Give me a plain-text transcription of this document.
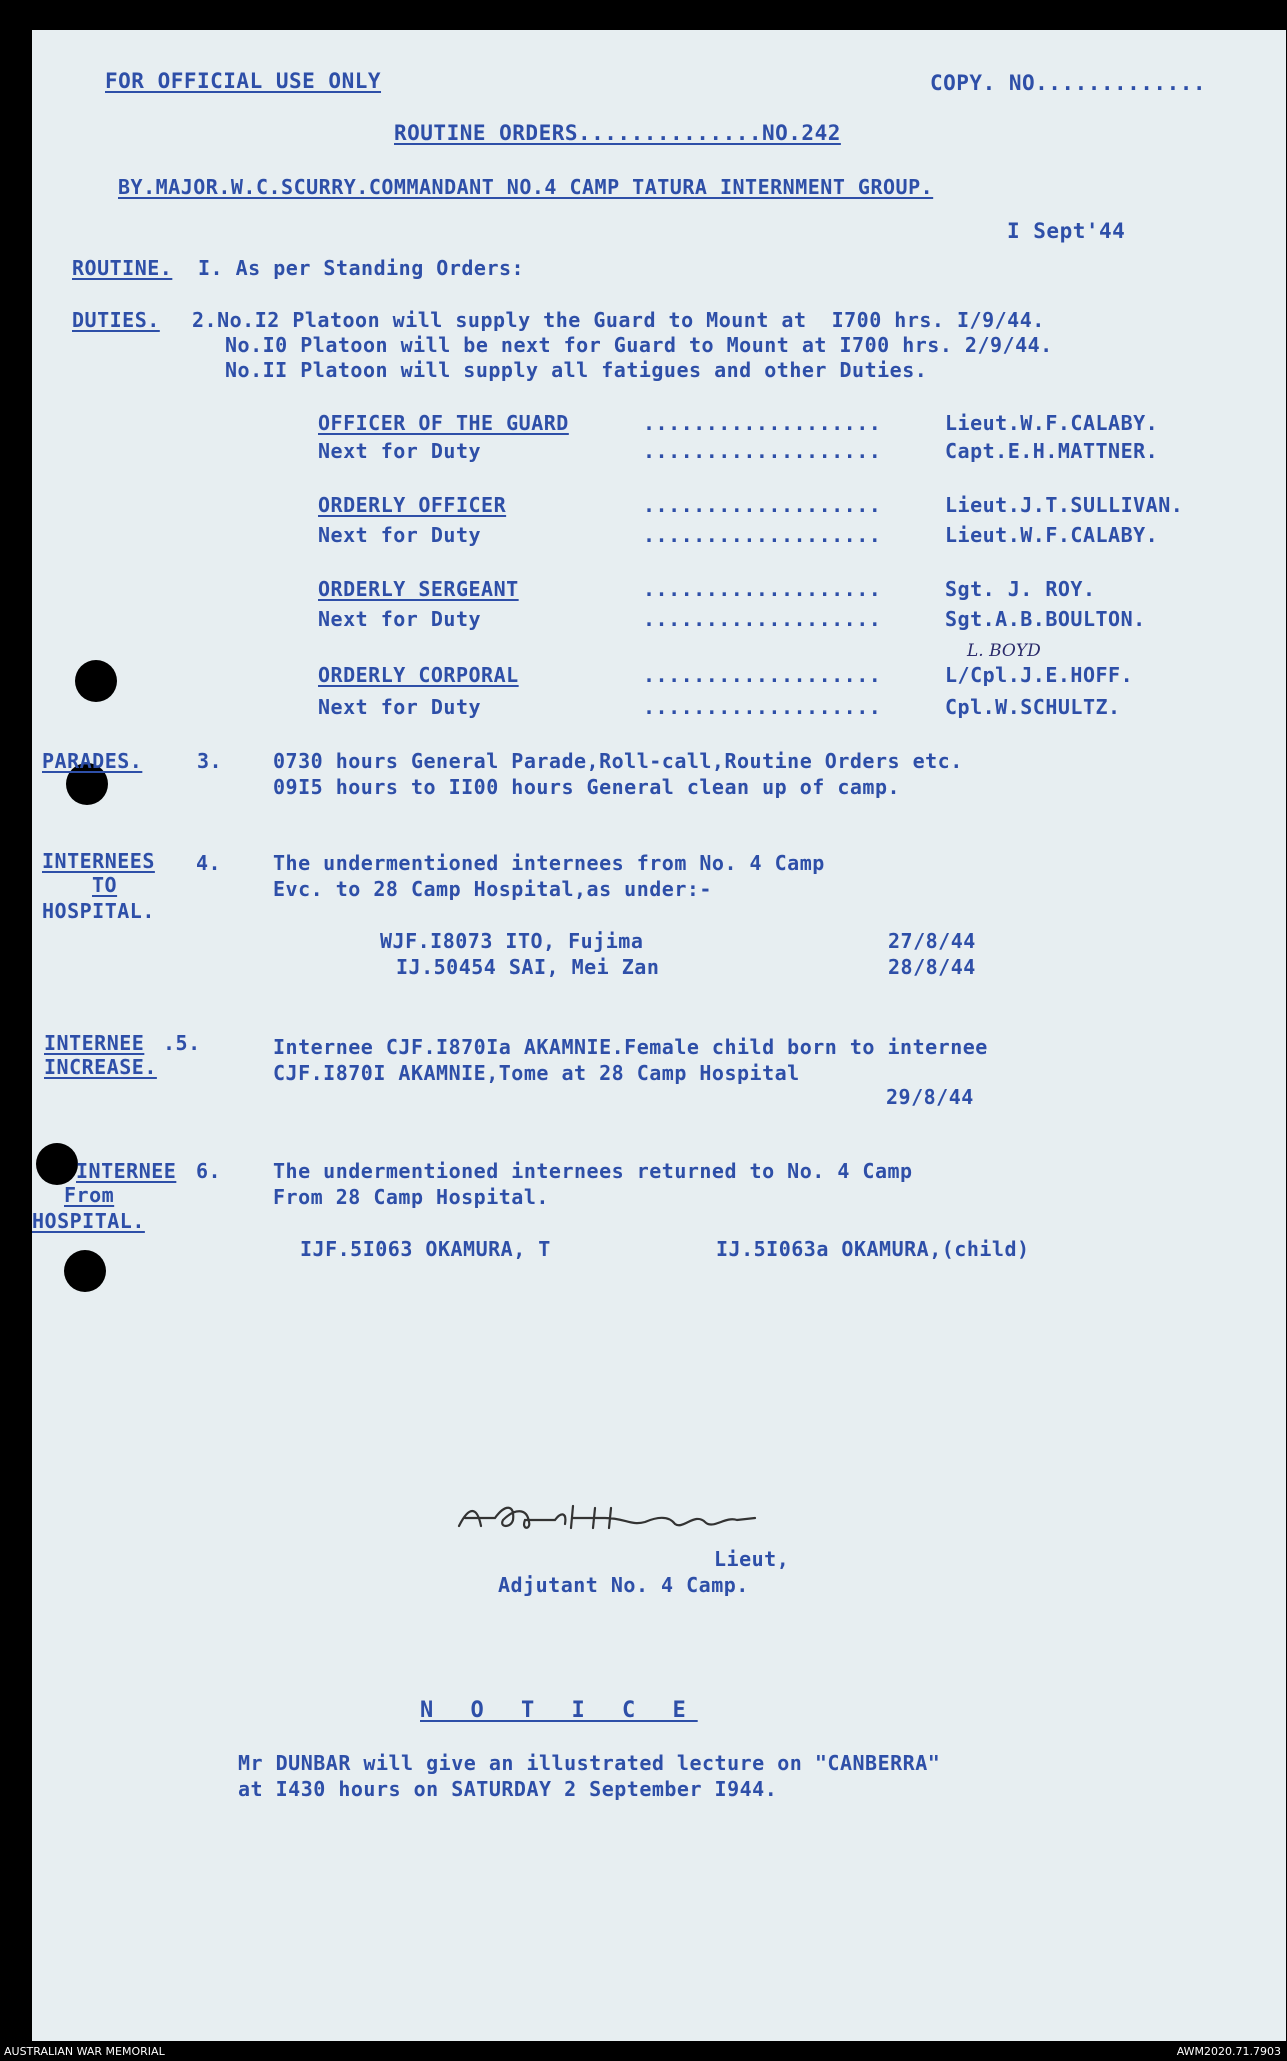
FOR OFFICIAL USE ONLY	COPY. NO.............
ROUTINE ORDERS..............NO.242
BY.MAJOR.W.C.SCURRY.COMMANDANT NO.4 CAMP TATURA INTERNMENT GROUP.
I Sept'44
ROUTINE. I. As per Standing Orders:
DUTIES. 2.No.I2 Platoon will supply the Guard to Mount at  I700 hrs. I/9/44.
No.I0 Platoon will be next for Guard to Mount at I700 hrs. 2/9/44.
No.II Platoon will supply all fatigues and other Duties.
OFFICER OF THE GUARD	...................	Lieut.W.F.CALABY.
Next for Duty	...................	Capt.E.H.MATTNER.
ORDERLY OFFICER	...................	Lieut.J.T.SULLIVAN.
Next for Duty	...................	Lieut.W.F.CALABY.
ORDERLY SERGEANT	...................	Sgt. J. ROY.
Next for Duty	...................	Sgt.A.B.BOULTON.
L. BOYD
ORDERLY CORPORAL	...................	L/Cpl.J.E.HOFF.
Next for Duty	...................	Cpl.W.SCHULTZ.
PARADES.	3.	0730 hours General Parade,Roll-call,Routine Orders etc.
09I5 hours to II00 hours General clean up of camp.
INTERNEES
TO
HOSPITAL.
4.	The undermentioned internees from No. 4 Camp
Evc. to 28 Camp Hospital,as under:-
WJF.I8073 ITO, Fujima	27/8/44
IJ.50454 SAI, Mei Zan	28/8/44
INTERNEE
INCREASE.
.5.	Internee CJF.I870Ia AKAMNIE.Female child born to internee
CJF.I870I AKAMNIE,Tome at 28 Camp Hospital
29/8/44
INTERNEE
From
HOSPITAL.
6.	The undermentioned internees returned to No. 4 Camp
From 28 Camp Hospital.
IJF.5I063 OKAMURA, T	IJ.5I063a OKAMURA,(child)
Lieut,
Adjutant No. 4 Camp.
N O T I C E
Mr DUNBAR will give an illustrated lecture on "CANBERRA"
at I430 hours on SATURDAY 2 September I944.
AUSTRALIAN WAR MEMORIAL	AWM2020.71.7903
